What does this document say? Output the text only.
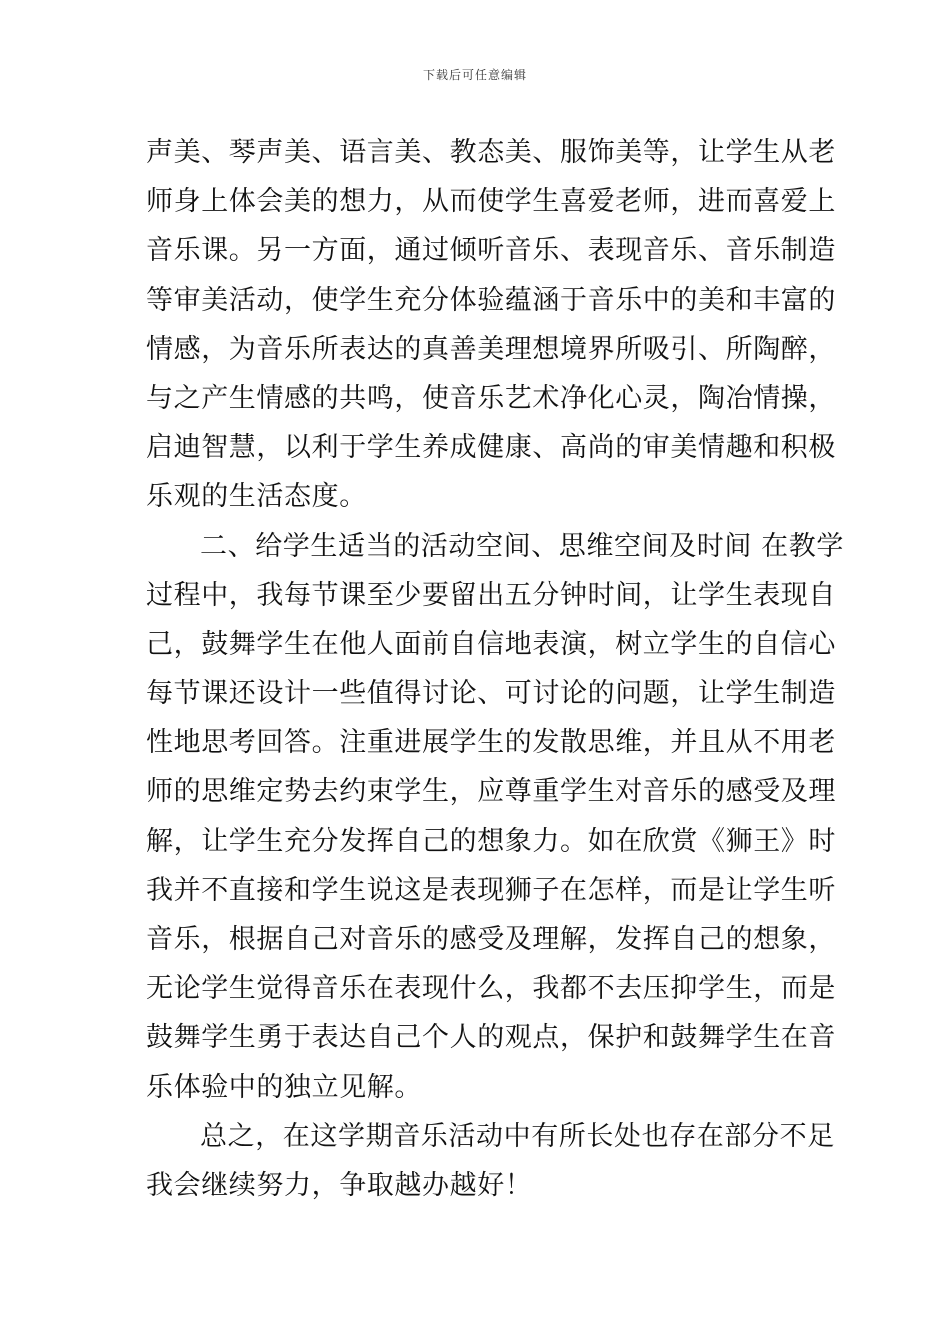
下载后可任意编辑
声美、琴声美、语言美、教态美、服饰美等，让学生从老
师身上体会美的想力，从而使学生喜爱老师，进而喜爱上
音乐课。另一方面，通过倾听音乐、表现音乐、音乐制造
等审美活动，使学生充分体验蕴涵于音乐中的美和丰富的
情感，为音乐所表达的真善美理想境界所吸引、所陶醉，
与之产生情感的共鸣，使音乐艺术净化心灵，陶冶情操，
启迪智慧，以利于学生养成健康、高尚的审美情趣和积极
乐观的生活态度。
二、给学生适当的活动空间、思维空间及时间 在教学
过程中，我每节课至少要留出五分钟时间，让学生表现自
己，鼓舞学生在他人面前自信地表演，树立学生的自信心
每节课还设计一些值得讨论、可讨论的问题，让学生制造
性地思考回答。注重进展学生的发散思维，并且从不用老
师的思维定势去约束学生，应尊重学生对音乐的感受及理
解，让学生充分发挥自己的想象力。如在欣赏《狮王》时
我并不直接和学生说这是表现狮子在怎样，而是让学生听
音乐，根据自己对音乐的感受及理解，发挥自己的想象，
无论学生觉得音乐在表现什么，我都不去压抑学生，而是
鼓舞学生勇于表达自己个人的观点，保护和鼓舞学生在音
乐体验中的独立见解。
总之，在这学期音乐活动中有所长处也存在部分不足
我会继续努力，争取越办越好！
